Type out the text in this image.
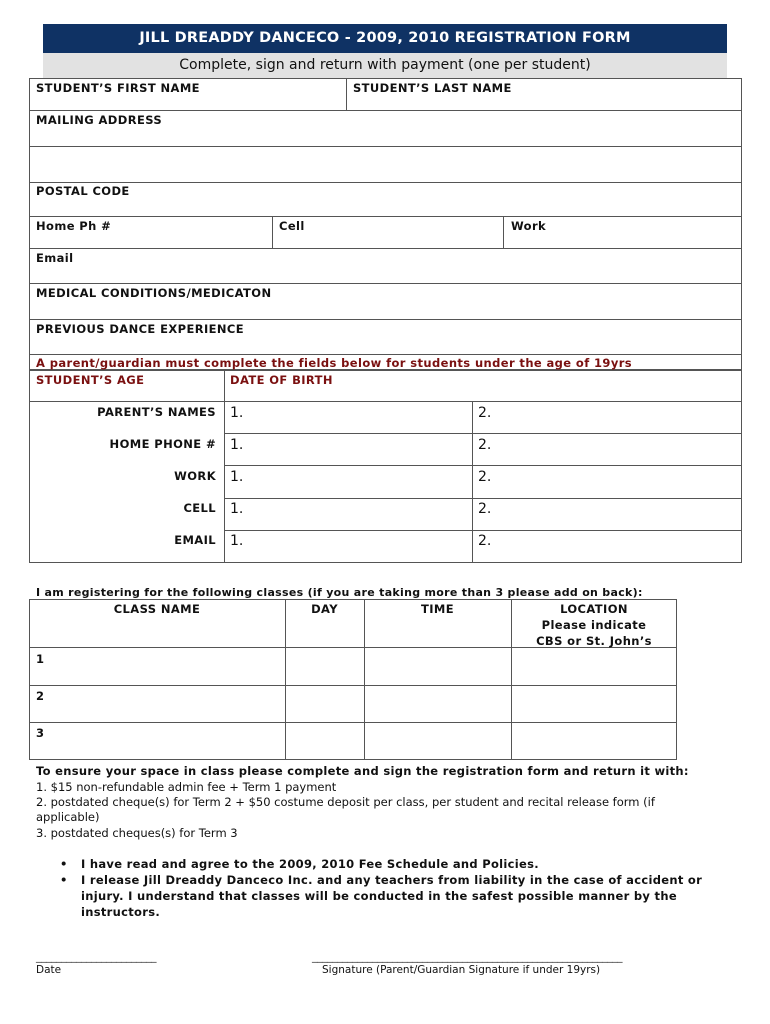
JILL DREADDY DANCECO - 2009, 2010 REGISTRATION FORM
Complete, sign and return with payment (one per student)
STUDENT’S FIRST NAME	STUDENT’S LAST NAME
MAILING ADDRESS
POSTAL CODE
Home Ph #	Cell	Work
Email
MEDICAL CONDITIONS/MEDICATON
PREVIOUS DANCE EXPERIENCE
A parent/guardian must complete the fields below for students under the age of 19yrs
STUDENT’S AGE	DATE OF BIRTH
PARENT’S NAMES 1.	2.
HOME PHONE # 1.	2.
WORK 1.	2.
CELL 1.	2.
EMAIL 1.	2.
I am registering for the following classes (if you are taking more than 3 please add on back):
CLASS NAME	DAY	TIME	LOCATION
Please indicate
CBS or St. John’s
1
2
3
To ensure your space in class please complete and sign the registration form and return it with:
1. $15 non-refundable admin fee + Term 1 payment
2. postdated cheque(s) for Term 2 + $50 costume deposit per class, per student and recital release form (if
applicable)
3. postdated cheques(s) for Term 3
• I have read and agree to the 2009, 2010 Fee Schedule and Policies.
• I release Jill Dreaddy Danceco Inc. and any teachers from liability in the case of accident or
injury. I understand that classes will be conducted in the safest possible manner by the
instructors.
________________________
Date
______________________________________________________________
Signature (Parent/Guardian Signature if under 19yrs)
